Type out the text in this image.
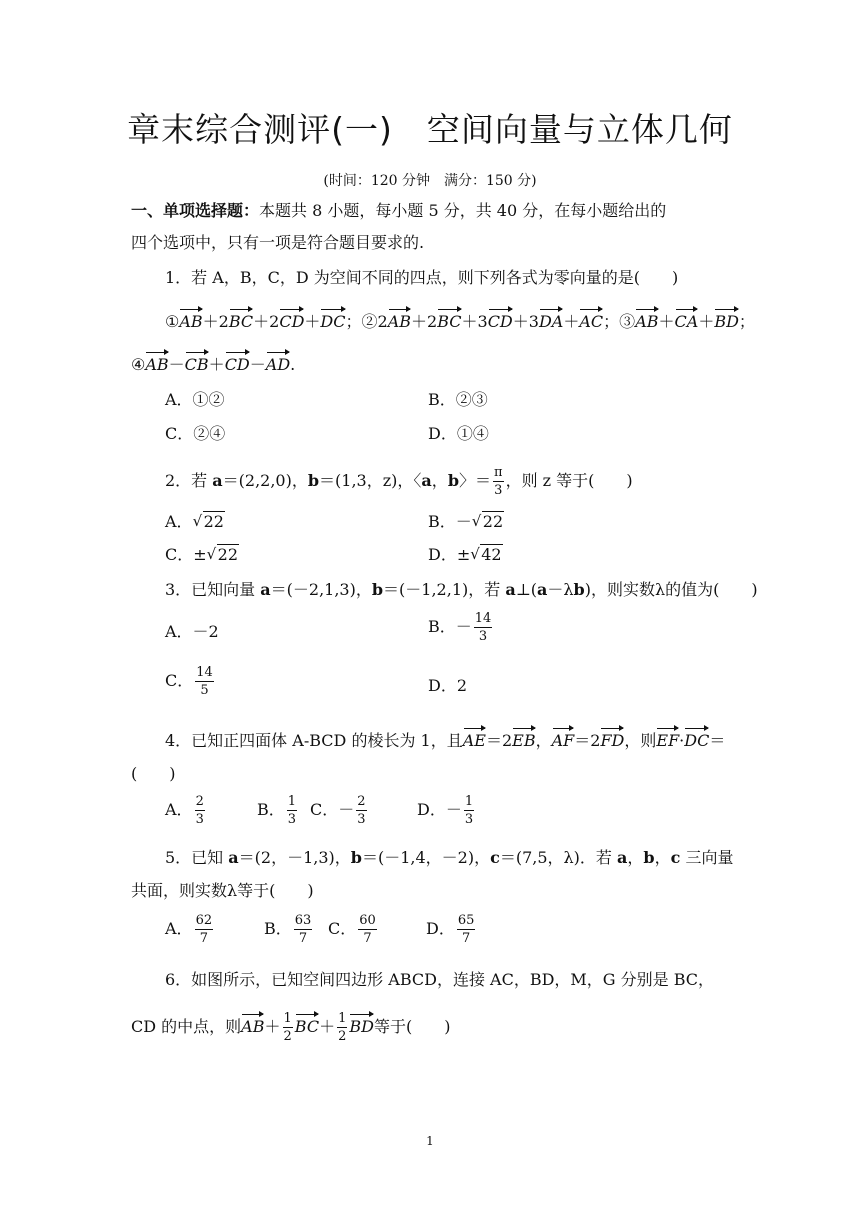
章末综合测评(一)　空间向量与立体几何
(时间：120 分钟　满分：150 分)
一、单项选择题：本题共 8 小题，每小题 5 分，共 40 分，在每小题给出的
四个选项中，只有一项是符合题目要求的.
1．若 A，B，C，D 为空间不同的四点，则下列各式为零向量的是(　　)
①AB＋2BC＋2CD＋DC；②2AB＋2BC＋3CD＋3DA＋AC；③AB＋CA＋BD；
④AB－CB＋CD－AD.
A．①②	B．②③
C．②④	D．①④
2．若 a＝(2,2,0)，b＝(1,3，z)，〈a，b〉＝ $\frac{\pi}{3}$ ，则 z 等于(　　)
A． √ 22	B．－ √ 22
C．± √ 22	D．± √ 42
3．已知向量 a＝(－2,1,3)，b＝(－1,2,1)，若 a⊥(a－λb)，则实数λ的值为(　　)
A．－2	B．－ $\frac{14}{3}$
C． $\frac{14}{5}$	D．2
4．已知正四面体 A-BCD 的棱长为 1，且AE＝2EB，AF＝2FD，则EF·DC＝
(　　)
A． $\frac{2}{3}$	B． $\frac{1}{3}$ C．－ $\frac{2}{3}$	D．－ $\frac{1}{3}$
5．已知 a＝(2，－1,3)，b＝(－1,4，－2)，c＝(7,5，λ)．若 a，b，c 三向量
共面，则实数λ等于(　　)
A． $\frac{62}{7}$	B． $\frac{63}{7}$ C． $\frac{60}{7}$	D． $\frac{65}{7}$
6．如图所示，已知空间四边形 ABCD，连接 AC，BD，M，G 分别是 BC，
CD 的中点，则$AB+ \frac{1}{2} BC+ \frac{1}{2}$ BD等于(　　)
1
